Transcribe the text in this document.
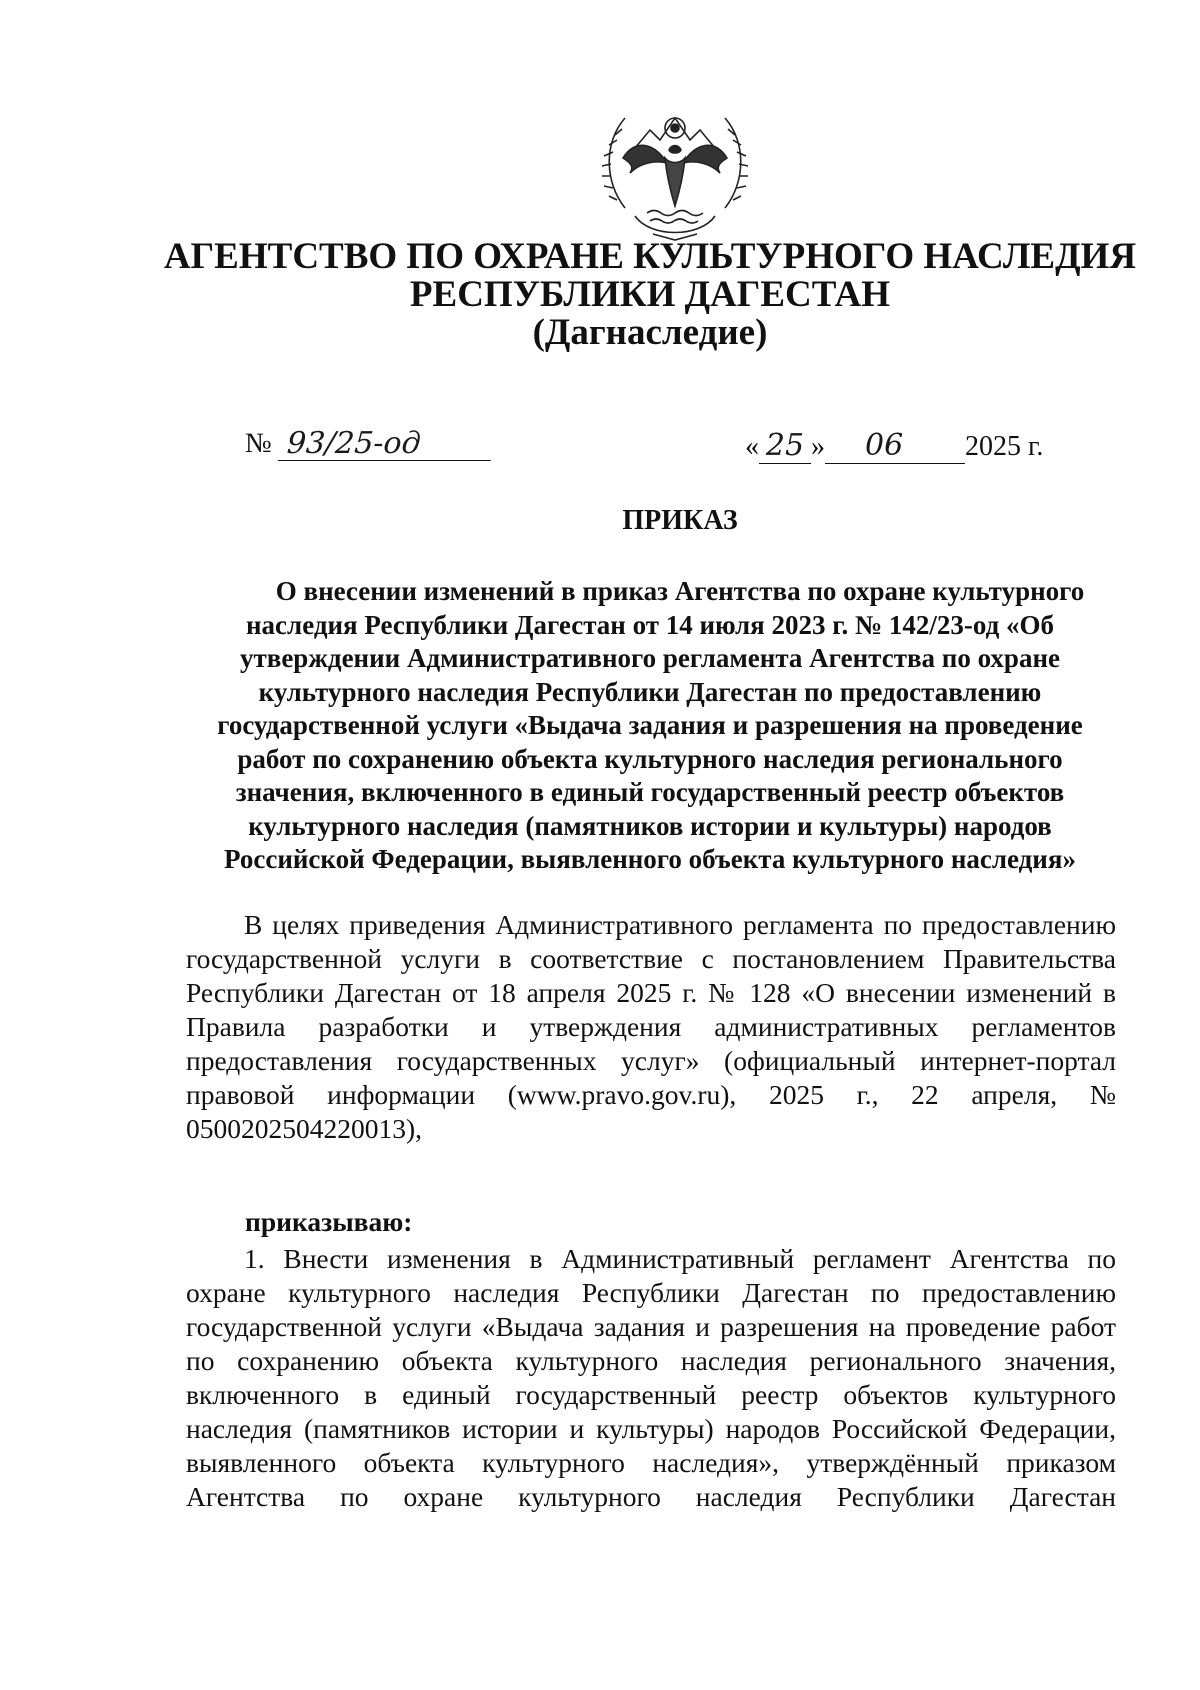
АГЕНТСТВО ПО ОХРАНЕ КУЛЬТУРНОГО НАСЛЕДИЯ
РЕСПУБЛИКИ ДАГЕСТАН
(Дагнаследие)
№ 93/25-од	« 25 » 06 2025 г.
ПРИКАЗ
О внесении изменений в приказ Агентства по охране культурного
наследия Республики Дагестан от 14 июля 2023 г. № 142/23-од «Об
утверждении Административного регламента Агентства по охране
культурного наследия Республики Дагестан по предоставлению
государственной услуги «Выдача задания и разрешения на проведение
работ по сохранению объекта культурного наследия регионального
значения, включенного в единый государственный реестр объектов
культурного наследия (памятников истории и культуры) народов
Российской Федерации, выявленного объекта культурного наследия»
В целях приведения Административного регламента по предоставлению
государственной услуги в соответствие с постановлением Правительства
Республики Дагестан от 18 апреля 2025 г. № 128 «О внесении изменений в
Правила разработки и утверждения административных регламентов
предоставления государственных услуг» (официальный интернет-портал
правовой информации (www.pravo.gov.ru), 2025 г., 22 апреля, №
0500202504220013),
приказываю:
1. Внести изменения в Административный регламент Агентства по
охране культурного наследия Республики Дагестан по предоставлению
государственной услуги «Выдача задания и разрешения на проведение работ
по сохранению объекта культурного наследия регионального значения,
включенного в единый государственный реестр объектов культурного
наследия (памятников истории и культуры) народов Российской Федерации,
выявленного объекта культурного наследия», утверждённый приказом
Агентства по охране культурного наследия Республики Дагестан
